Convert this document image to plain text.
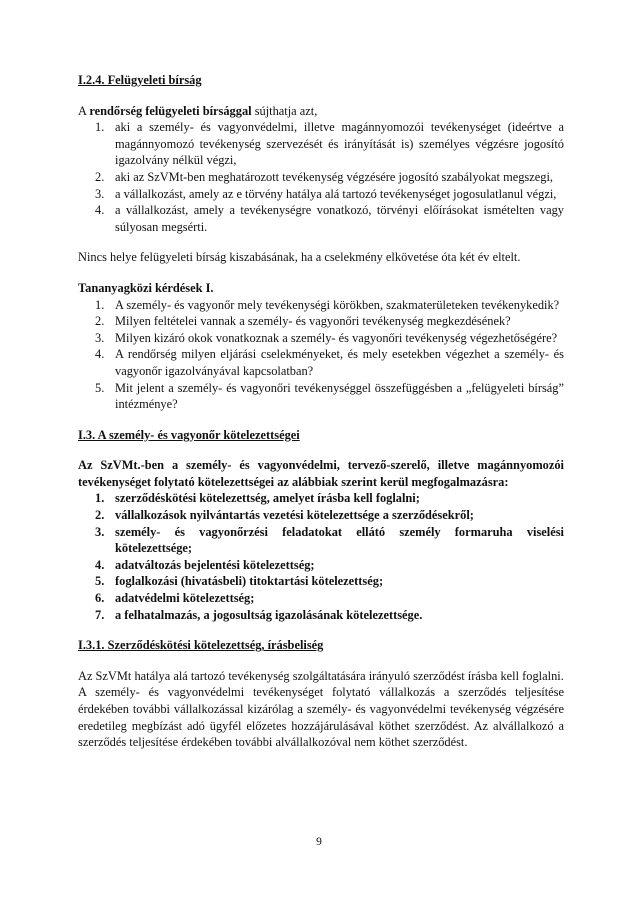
I.2.4. Felügyeleti bírság

A rendőrség felügyeleti bírsággal sújthatja azt,

1. aki a személy- és vagyonvédelmi, illetve magánnyomozói tevékenységet (ideértve a magánnyomozó tevékenység szervezését és irányítását is) személyes végzésre jogosító igazolvány nélkül végzi,
2. aki az SzVMt-ben meghatározott tevékenység végzésére jogosító szabályokat megszegi,
3. a vállalkozást, amely az e törvény hatálya alá tartozó tevékenységet jogosulatlanul végzi,
4. a vállalkozást, amely a tevékenységre vonatkozó, törvényi előírásokat ismételten vagy súlyosan megsérti.

Nincs helye felügyeleti bírság kiszabásának, ha a cselekmény elkövetése óta két év eltelt.

Tananyagközi kérdések I.

1. A személy- és vagyonőr mely tevékenységi körökben, szakmaterületeken tevékenykedik?
2. Milyen feltételei vannak a személy- és vagyonőri tevékenység megkezdésének?
3. Milyen kizáró okok vonatkoznak a személy- és vagyonőri tevékenység végezhetőségére?
4. A rendőrség milyen eljárási cselekményeket, és mely esetekben végezhet a személy- és vagyonőr igazolványával kapcsolatban?
5. Mit jelent a személy- és vagyonőri tevékenységgel összefüggésben a „felügyeleti bírság” intézménye?

I.3. A személy- és vagyonőr kötelezettségei

Az SzVMt.-ben a személy- és vagyonvédelmi, tervező-szerelő, illetve magánnyomozói tevékenységet folytató kötelezettségei az alábbiak szerint kerül megfogalmazásra:

1. szerződéskötési kötelezettség, amelyet írásba kell foglalni;
2. vállalkozások nyilvántartás vezetési kötelezettsége a szerződésekről;
3. személy- és vagyonőrzési feladatokat ellátó személy formaruha viselési kötelezettsége;
4. adatváltozás bejelentési kötelezettség;
5. foglalkozási (hivatásbeli) titoktartási kötelezettség;
6. adatvédelmi kötelezettség;
7. a felhatalmazás, a jogosultság igazolásának kötelezettsége.

I.3.1. Szerződéskötési kötelezettség, írásbeliség

Az SzVMt hatálya alá tartozó tevékenység szolgáltatására irányuló szerződést írásba kell foglalni.

A személy- és vagyonvédelmi tevékenységet folytató vállalkozás a szerződés teljesítése érdekében további vállalkozással kizárólag a személy- és vagyonvédelmi tevékenység végzésére eredetileg megbízást adó ügyfél előzetes hozzájárulásával köthet szerződést. Az alvállalkozó a szerződés teljesítése érdekében további alvállalkozóval nem köthet szerződést.

9
